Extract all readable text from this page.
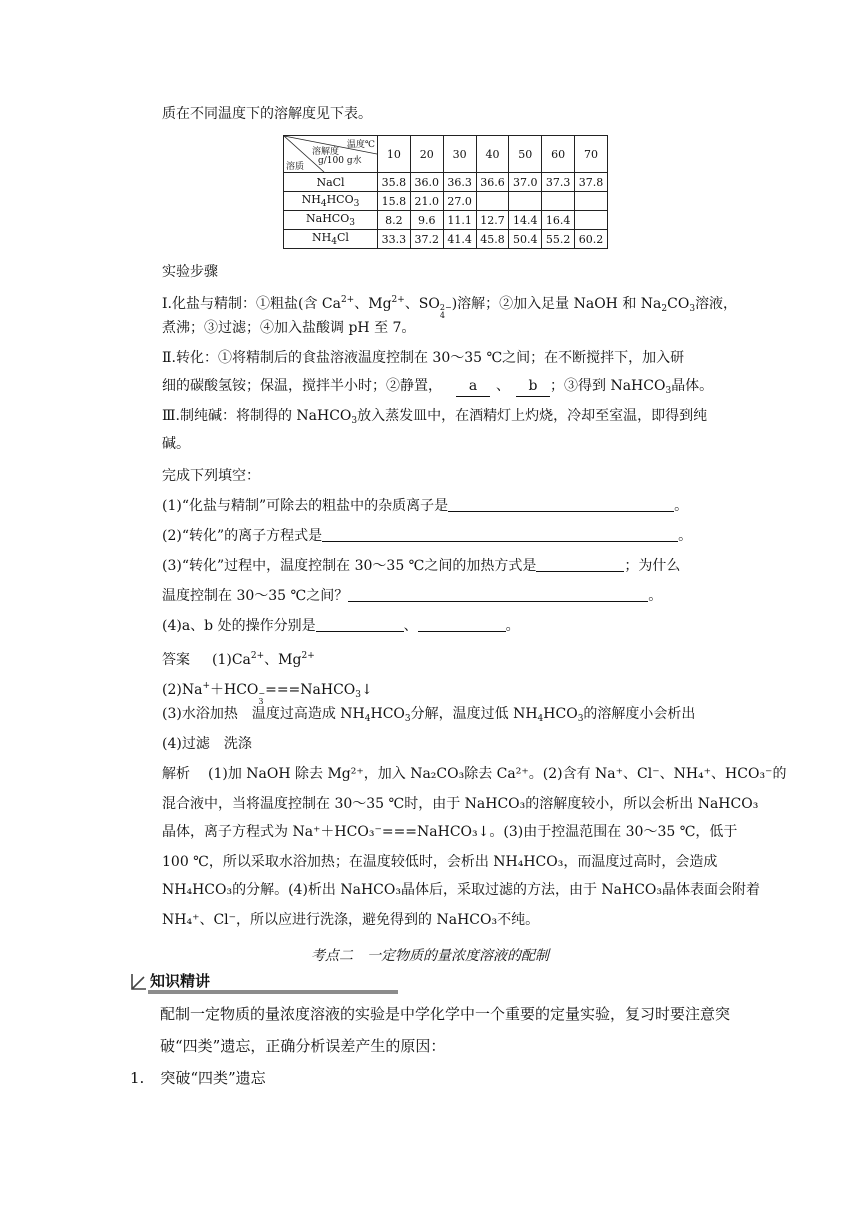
质在不同温度下的溶解度见下表。
温度℃
溶解度
g/100 g水
溶质	10	20	30	40	50	60	70
NaCl	35.8	36.0	36.3	36.6	37.0	37.3	37.8
$NH_4HCO_3$	15.8	21.0	27.0				
NaHCO$_3$	8.2	9.6	11.1	12.7	14.4	16.4	
$NH_4Cl$	33.3	37.2	41.4	45.8	50.4	55.2	60.2
实验步骤
Ⅰ.化盐与精制：①粗盐(含 $Ca^{2+}$、$Mg^{2+}$、SO 2−
4
)溶解；②加入足量 NaOH 和 $Na_2CO_3$溶液，
煮沸；③过滤；④加入盐酸调 pH 至 7。
Ⅱ.转化：①将精制后的食盐溶液温度控制在 30～35 ℃之间；在不断搅拌下，加入研
细的碳酸氢铵；保温，搅拌半小时；②静置， a 、 b ；③得到 NaHCO$_3$晶体。
Ⅲ.制纯碱：将制得的 NaHCO$_3$放入蒸发皿中，在酒精灯上灼烧，冷却至室温，即得到纯
碱。
完成下列填空：
(1)“化盐与精制”可除去的粗盐中的杂质离子是	。
(2)“转化”的离子方程式是	。
(3)“转化”过程中，温度控制在 30～35 ℃之间的加热方式是	；为什么
温度控制在 30～35 ℃之间？	。
(4)a、b 处的操作分别是	、	。
答案 $(1)Ca^{2+}$、$Mg^{2+}$
(2)Na+＋HCO −
3
===NaHCO$_3$↓
(3)水浴加热　温度过高造成 $NH_4HCO_3$分解，温度过低 $NH_4HCO_3$的溶解度小会析出
(4)过滤　洗涤
解析 (1)加 NaOH 除去 Mg²⁺，加入 Na₂CO₃除去 Ca²⁺。(2)含有 Na⁺、Cl⁻、NH₄⁺、HCO₃⁻的
混合液中，当将温度控制在 30～35 ℃时，由于 NaHCO₃的溶解度较小，所以会析出 NaHCO₃
晶体，离子方程式为 Na⁺＋HCO₃⁻===NaHCO₃↓。(3)由于控温范围在 30～35 ℃，低于
100 ℃，所以采取水浴加热；在温度较低时，会析出 NH₄HCO₃，而温度过高时，会造成
NH₄HCO₃的分解。(4)析出 NaHCO₃晶体后，采取过滤的方法，由于 NaHCO₃晶体表面会附着
NH₄⁺、Cl⁻，所以应进行洗涤，避免得到的 NaHCO₃不纯。
考点二　一定物质的量浓度溶液的配制
知识精讲
配制一定物质的量浓度溶液的实验是中学化学中一个重要的定量实验，复习时要注意突
破“四类”遗忘，正确分析误差产生的原因：
1. 突破“四类”遗忘
